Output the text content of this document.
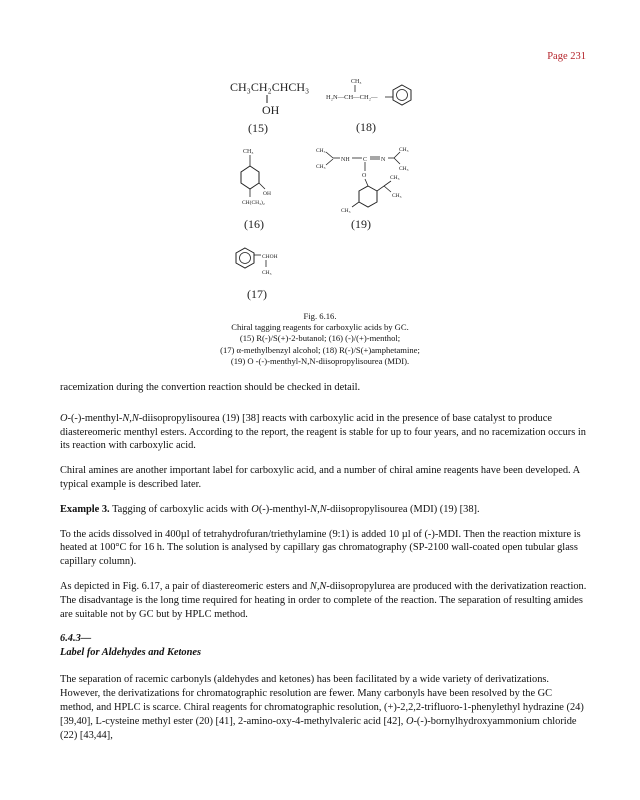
Page 231
CH₃CH₂CHCH₃
OH
(15)
CH₃
H₂N—CH—CH₂—
(18)
CH₃
OH
CH(CH₃)₂
(16)
CH₃
CH₃
NH C N
CH₃
CH₃
O	CH₃
CH₃
CH₃
(19)
CHOH
CH₃
(17)
Fig. 6.16.
Chiral tagging reagents for carboxylic acids by GC.
(15) R(-)/S(+)-2-butanol; (16) (-)/(+)-menthol;
(17) α-methylbenzyl alcohol; (18) R(-)/S(+)amphetamine;
(19) O -(-)-menthyl-N,N-diisopropylisourea (MDI).

racemization during the convertion reaction should be checked in detail.

O-(-)-menthyl-N,N-diisopropylisourea (19) [38] reacts with carboxylic acid in the presence of base catalyst to produce diastereomeric menthyl esters. According to the report, the reagent is stable for up to four years, and no racemization occurs in its reaction with carboxylic acid.

Chiral amines are another important label for carboxylic acid, and a number of chiral amine reagents have been developed. A typical example is described later.

Example 3. Tagging of carboxylic acids with O(-)-menthyl-N,N-diisopropylisourea (MDI) (19) [38].

To the acids dissolved in 400µl of tetrahydrofuran/triethylamine (9:1) is added 10 µl of (-)-MDI. Then the reaction mixture is heated at 100°C for 16 h. The solution is analysed by capillary gas chromatography (SP-2100 wall-coated open tubular glass capillary column).

As depicted in Fig. 6.17, a pair of diastereomeric esters and N,N-diisopropylurea are produced with the derivatization reaction. The disadvantage is the long time required for heating in order to complete of the reaction. The separation of resulting amides are suitable not by GC but by HPLC method.

6.4.3—
Label for Aldehydes and Ketones

The separation of racemic carbonyls (aldehydes and ketones) has been facilitated by a wide variety of derivatizations. However, the derivatizations for chromatographic resolution are fewer. Many carbonyls have been resolved by the GC method, and HPLC is scarce. Chiral reagents for chromatographic resolution, (+)-2,2,2-trifluoro-1-phenylethyl hydrazine (24) [39,40], L-cysteine methyl ester (20) [41], 2-amino-oxy-4-methylvaleric acid [42], O-(-)-bornylhydroxyammonium chloride (22) [43,44],
